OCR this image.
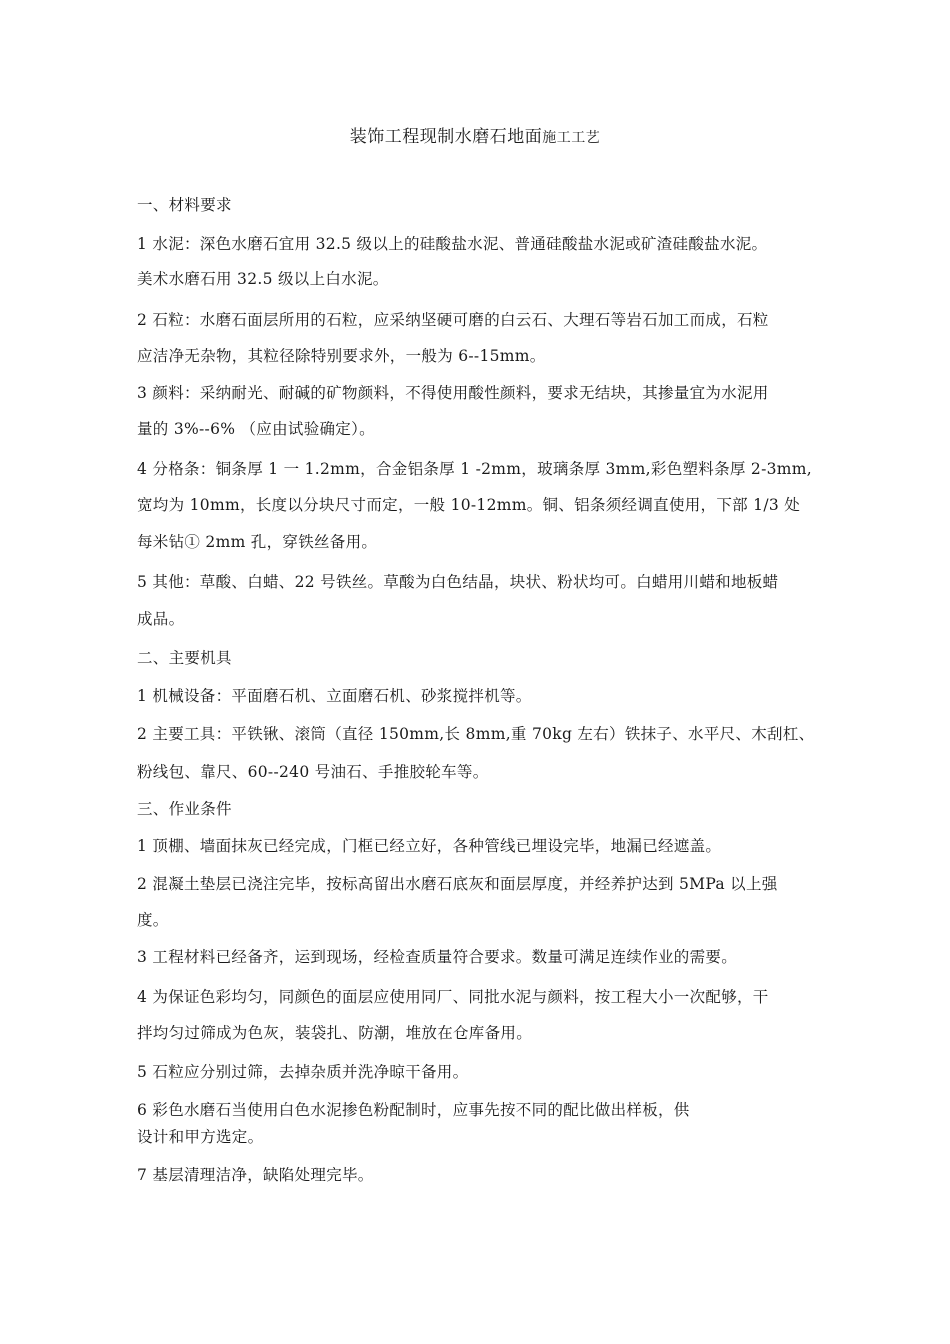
装饰工程现制水磨石地面施工工艺
一、材料要求
1 水泥：深色水磨石宜用 32.5 级以上的硅酸盐水泥、普通硅酸盐水泥或矿渣硅酸盐水泥。
美术水磨石用 32.5 级以上白水泥。
2 石粒：水磨石面层所用的石粒，应采纳坚硬可磨的白云石、大理石等岩石加工而成，石粒
应洁净无杂物，其粒径除特别要求外，一般为 6--15mm。
3 颜料：采纳耐光、耐碱的矿物颜料，不得使用酸性颜料，要求无结块，其掺量宜为水泥用
量的 3%--6% （应由试验确定）。
4 分格条：铜条厚 1 一 1.2mm，合金铝条厚 1 -2mm，玻璃条厚 3mm,彩色塑料条厚 2-3mm,
宽均为 10mm，长度以分块尺寸而定，一般 10-12mm。铜、铝条须经调直使用，下部 1/3 处
每米钻① 2mm 孔，穿铁丝备用。
5 其他：草酸、白蜡、22 号铁丝。草酸为白色结晶，块状、粉状均可。白蜡用川蜡和地板蜡
成品。
二、主要机具
1 机械设备：平面磨石机、立面磨石机、砂浆搅拌机等。
2 主要工具：平铁锹、滚筒（直径 150mm,长 8mm,重 70kg 左右）铁抹子、水平尺、木刮杠、
粉线包、靠尺、60--240 号油石、手推胶轮车等。
三、作业条件
1 顶棚、墙面抹灰已经完成，门框已经立好，各种管线已埋设完毕，地漏已经遮盖。
2 混凝土垫层已浇注完毕，按标高留出水磨石底灰和面层厚度，并经养护达到 5MPa 以上强
度。
3 工程材料已经备齐，运到现场，经检查质量符合要求。数量可满足连续作业的需要。
4 为保证色彩均匀，同颜色的面层应使用同厂、同批水泥与颜料，按工程大小一次配够，干
拌均匀过筛成为色灰，装袋扎、防潮，堆放在仓库备用。
5 石粒应分别过筛，去掉杂质并洗净晾干备用。
6 彩色水磨石当使用白色水泥掺色粉配制时，应事先按不同的配比做出样板，供
设计和甲方选定。
7 基层清理洁净，缺陷处理完毕。
